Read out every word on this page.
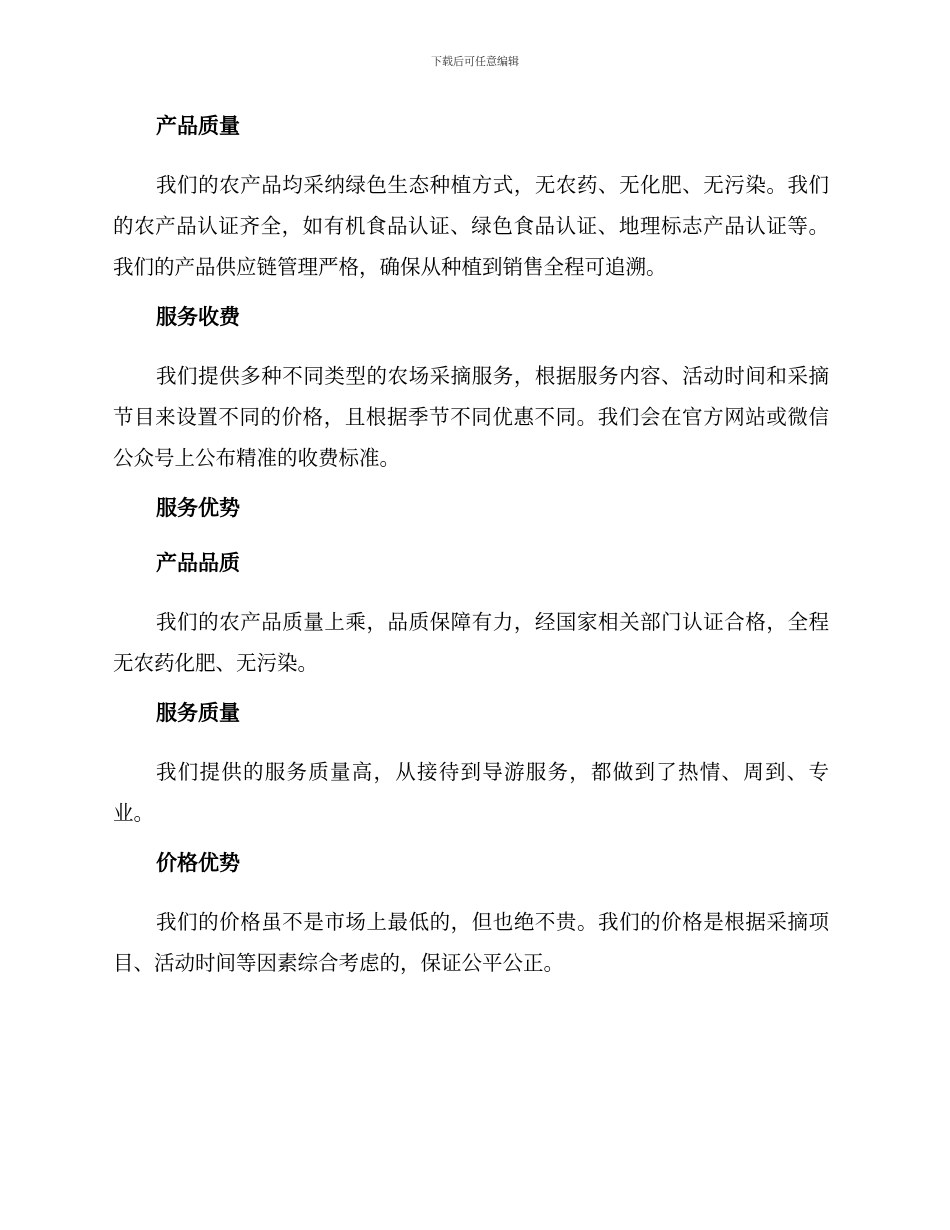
下载后可任意编辑
产品质量
我们的农产品均采纳绿色生态种植方式，无农药、无化肥、无污染。我们的农产品认证齐全，如有机食品认证、绿色食品认证、地理标志产品认证等。我们的产品供应链管理严格，确保从种植到销售全程可追溯。
服务收费
我们提供多种不同类型的农场采摘服务，根据服务内容、活动时间和采摘节目来设置不同的价格，且根据季节不同优惠不同。我们会在官方网站或微信公众号上公布精准的收费标准。
服务优势
产品品质
我们的农产品质量上乘，品质保障有力，经国家相关部门认证合格，全程无农药化肥、无污染。
服务质量
我们提供的服务质量高，从接待到导游服务，都做到了热情、周到、专业。
价格优势
我们的价格虽不是市场上最低的，但也绝不贵。我们的价格是根据采摘项目、活动时间等因素综合考虑的，保证公平公正。
